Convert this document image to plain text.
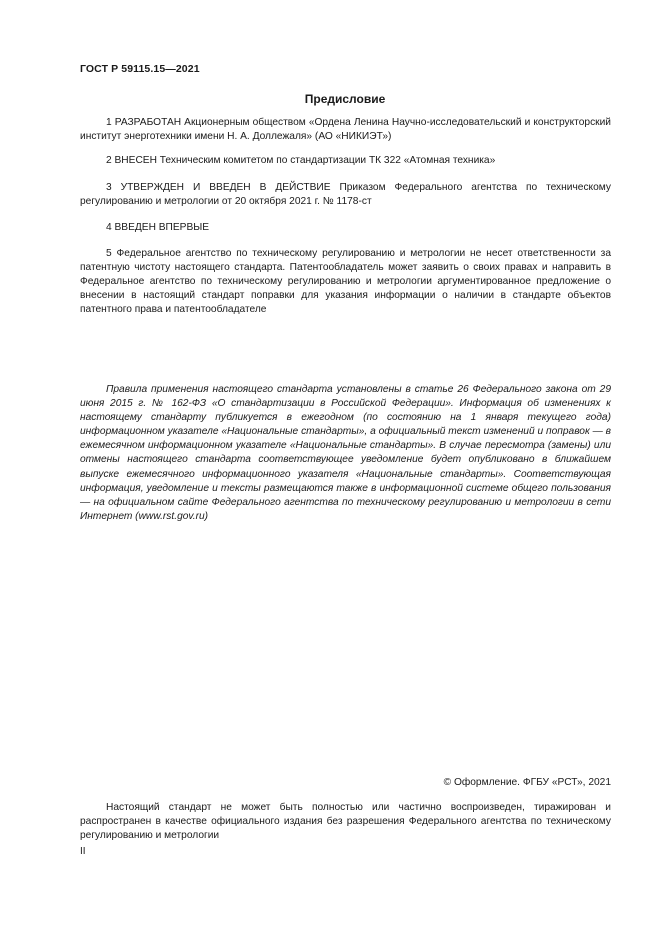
ГОСТ Р 59115.15—2021
Предисловие

1 РАЗРАБОТАН Акционерным обществом «Ордена Ленина Научно-исследовательский и конструкторский институт энерготехники имени Н. А. Доллежаля» (АО «НИКИЭТ»)

2 ВНЕСЕН Техническим комитетом по стандартизации ТК 322 «Атомная техника»

3 УТВЕРЖДЕН И ВВЕДЕН В ДЕЙСТВИЕ Приказом Федерального агентства по техническому регулированию и метрологии от 20 октября 2021 г. № 1178-ст

4 ВВЕДЕН ВПЕРВЫЕ

5 Федеральное агентство по техническому регулированию и метрологии не несет ответственности за патентную чистоту настоящего стандарта. Патентообладатель может заявить о своих правах и направить в Федеральное агентство по техническому регулированию и метрологии аргументированное предложение о внесении в настоящий стандарт поправки для указания информации о наличии в стандарте объектов патентного права и патентообладателе

Правила применения настоящего стандарта установлены в статье 26 Федерального закона от 29 июня 2015 г. № 162-ФЗ «О стандартизации в Российской Федерации». Информация об изменениях к настоящему стандарту публикуется в ежегодном (по состоянию на 1 января текущего года) информационном указателе «Национальные стандарты», а официальный текст изменений и поправок — в ежемесячном информационном указателе «Национальные стандарты». В случае пересмотра (замены) или отмены настоящего стандарта соответствующее уведомление будет опубликовано в ближайшем выпуске ежемесячного информационного указателя «Национальные стандарты». Соответствующая информация, уведомление и тексты размещаются также в информационной системе общего пользования — на официальном сайте Федерального агентства по техническому регулированию и метрологии в сети Интернет (www.rst.gov.ru)

© Оформление. ФГБУ «РСТ», 2021

Настоящий стандарт не может быть полностью или частично воспроизведен, тиражирован и распространен в качестве официального издания без разрешения Федерального агентства по техническому регулированию и метрологии

II
